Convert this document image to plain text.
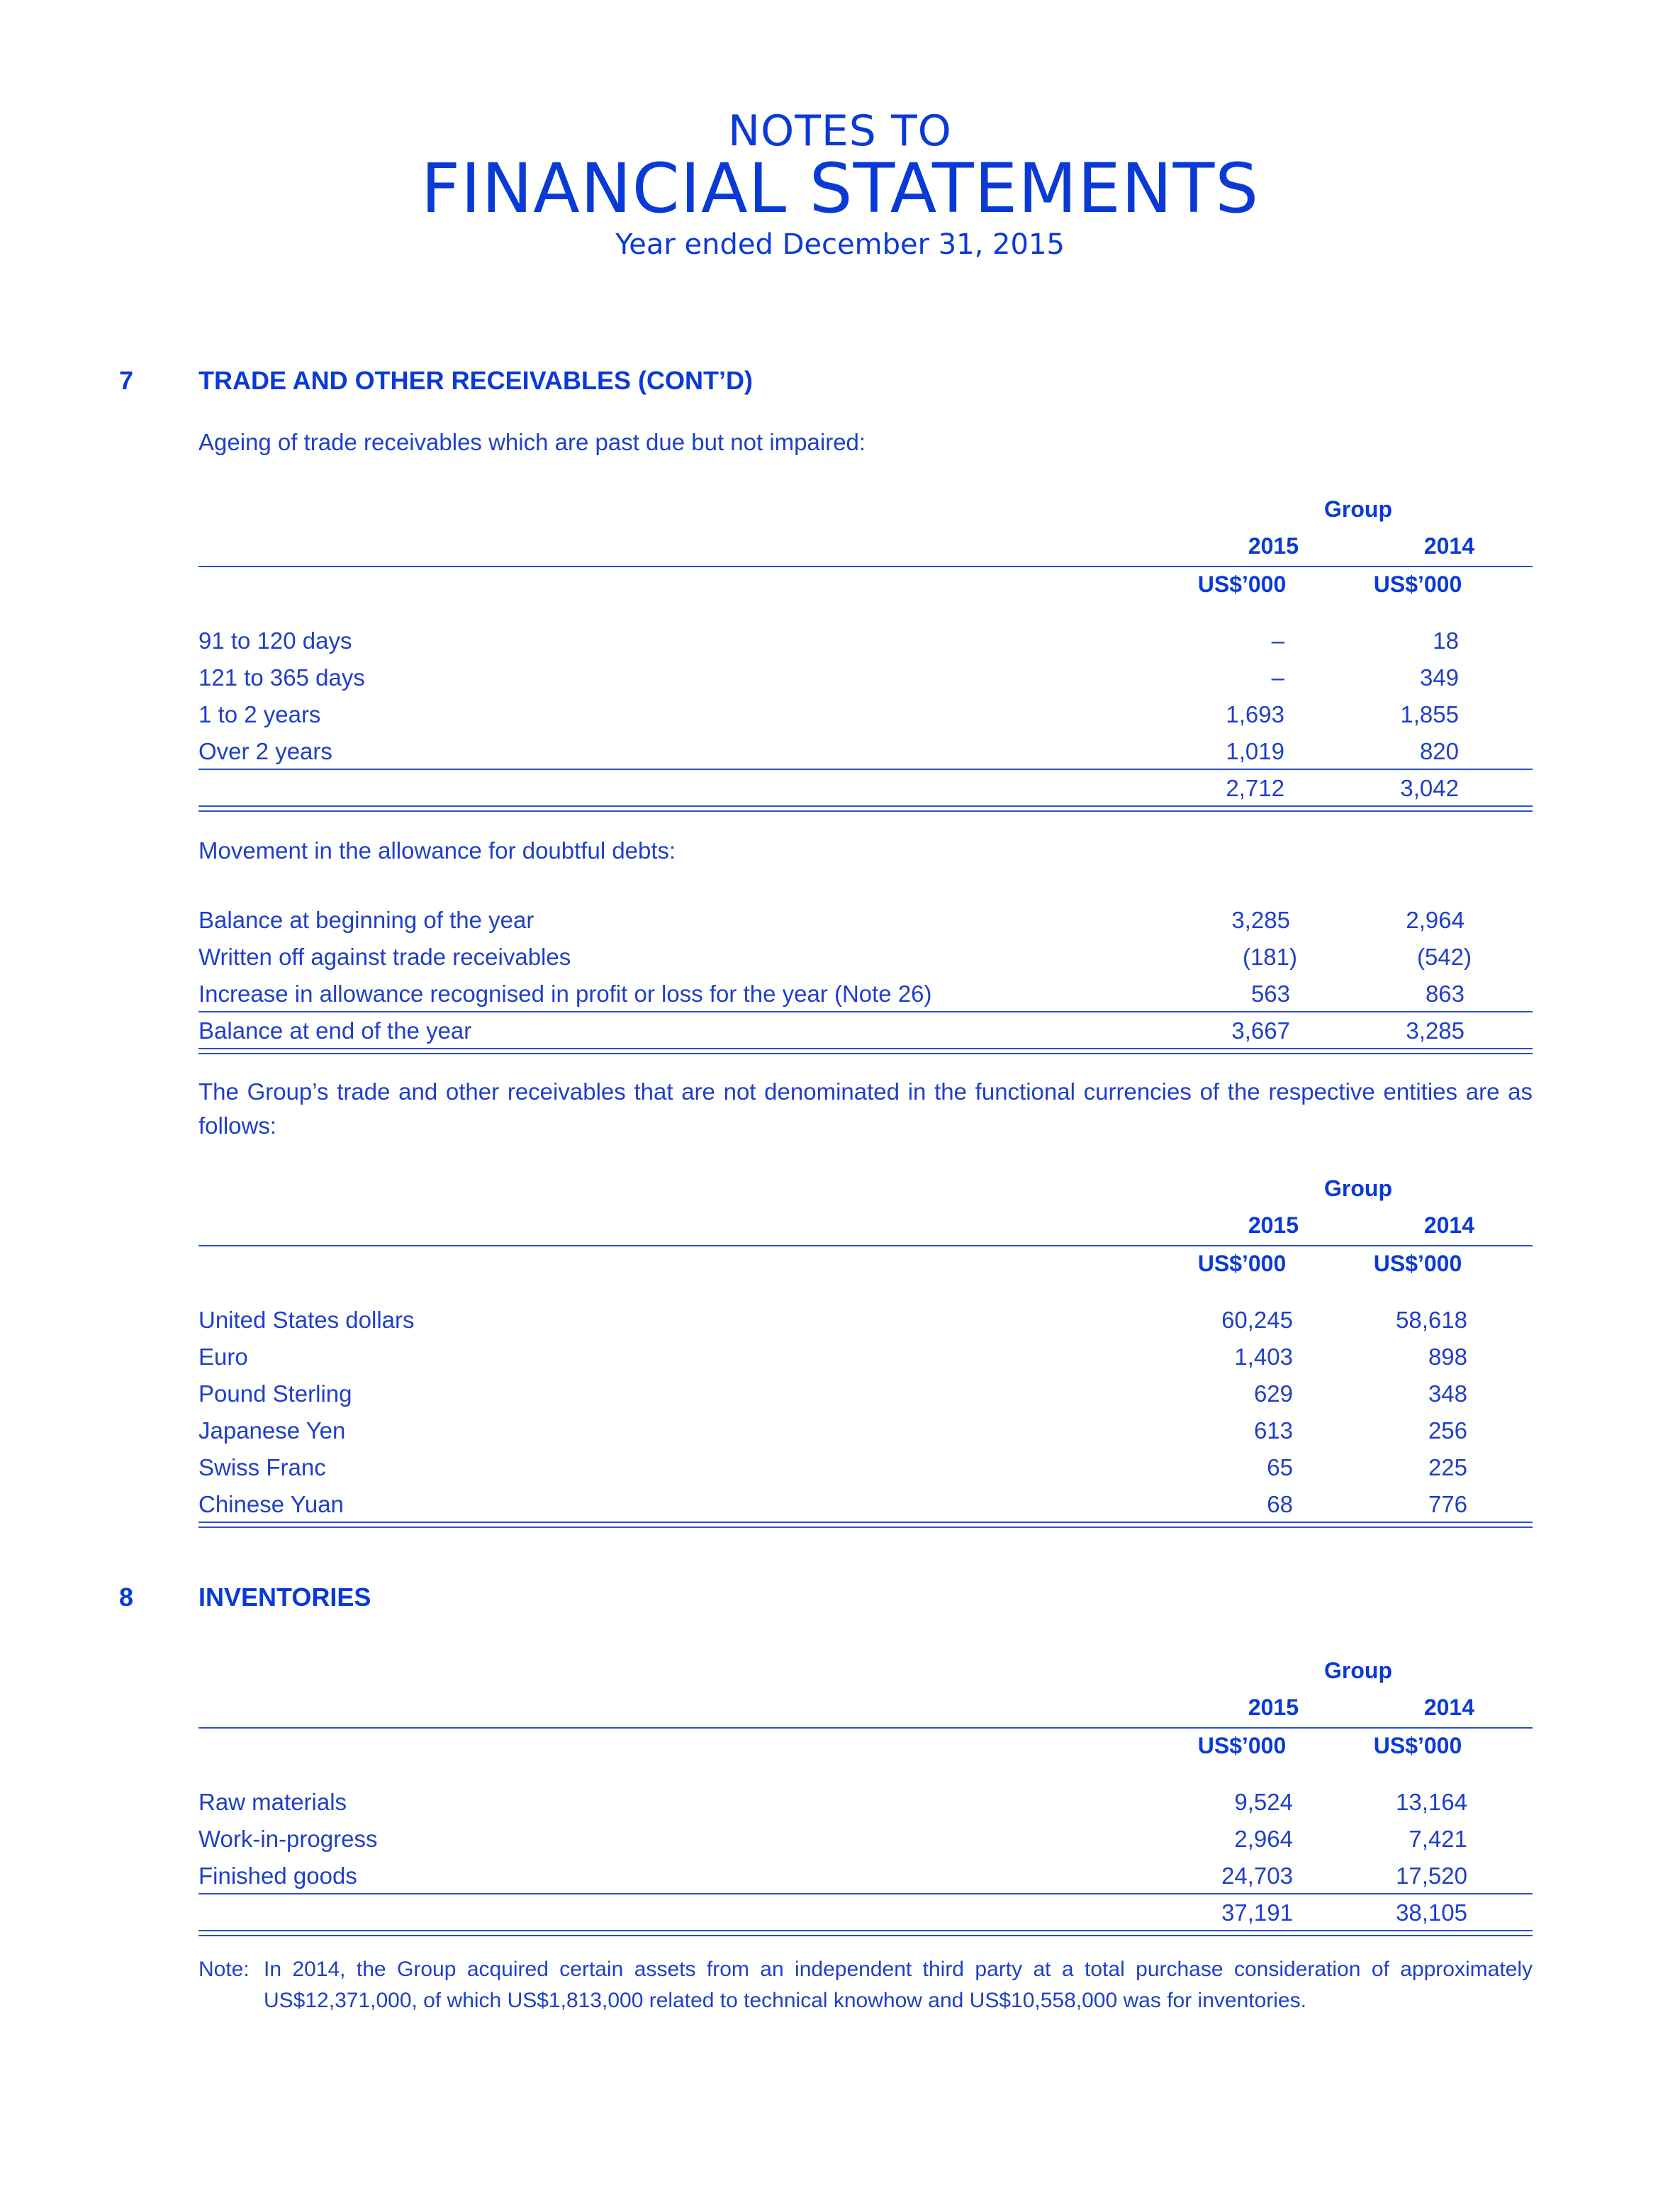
NOTES TO
FINANCIAL STATEMENTS
Year ended December 31, 2015
7	TRADE AND OTHER RECEIVABLES (CONT’D)
Ageing of trade receivables which are past due but not impaired:
Group
2015	2014
US$’000	US$’000
91 to 120 days	–	18
121 to 365 days	–	349
1 to 2 years	1,693	1,855
Over 2 years	1,019	820
2,712	3,042
Movement in the allowance for doubtful debts:
Balance at beginning of the year	3,285	2,964
Written off against trade receivables	(181)	(542)
Increase in allowance recognised in profit or loss for the year (Note 26)	563	863
Balance at end of the year	3,667	3,285
The Group’s trade and other receivables that are not denominated in the functional currencies of the respective entities are as follows:
Group
2015	2014
US$’000	US$’000
United States dollars	60,245	58,618
Euro	1,403	898
Pound Sterling	629	348
Japanese Yen	613	256
Swiss Franc	65	225
Chinese Yuan	68	776
8	INVENTORIES
Group
2015	2014
US$’000	US$’000
Raw materials	9,524	13,164
Work-in-progress	2,964	7,421
Finished goods	24,703	17,520
37,191	38,105
Note: In 2014, the Group acquired certain assets from an independent third party at a total purchase consideration of approximately US$12,371,000, of which US$1,813,000 related to technical knowhow and US$10,558,000 was for inventories.
